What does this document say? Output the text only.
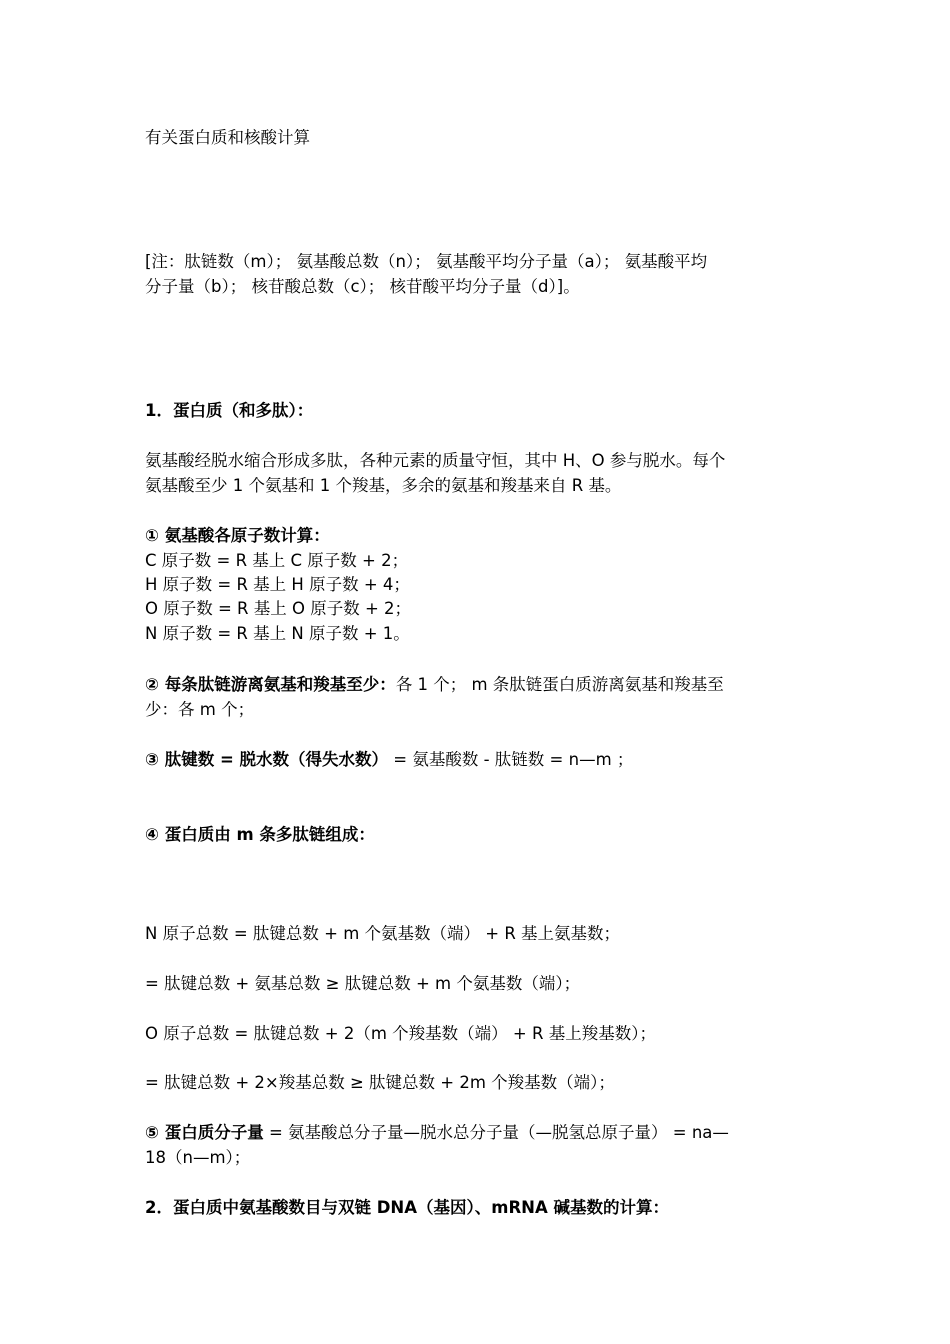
有关蛋白质和核酸计算
[注：肽链数（m）； 氨基酸总数（n）； 氨基酸平均分子量（a）； 氨基酸平均
分子量（b）； 核苷酸总数（c）； 核苷酸平均分子量（d）]。
1．蛋白质（和多肽）：
氨基酸经脱水缩合形成多肽，各种元素的质量守恒，其中 H、O 参与脱水。每个
氨基酸至少 1 个氨基和 1 个羧基，多余的氨基和羧基来自 R 基。
① 氨基酸各原子数计算：
C 原子数 = R 基上 C 原子数 + 2；
H 原子数 = R 基上 H 原子数 + 4；
O 原子数 = R 基上 O 原子数 + 2；
N 原子数 = R 基上 N 原子数 + 1。
② 每条肽链游离氨基和羧基至少：各 1 个； m 条肽链蛋白质游离氨基和羧基至
少：各 m 个；
③ 肽键数 = 脱水数（得失水数） = 氨基酸数 - 肽链数 = n—m ；
④ 蛋白质由 m 条多肽链组成：
N 原子总数 = 肽键总数 + m 个氨基数（端） + R 基上氨基数；
= 肽键总数 + 氨基总数 ≥ 肽键总数 + m 个氨基数（端）；
O 原子总数 = 肽键总数 + 2（m 个羧基数（端） + R 基上羧基数）；
= 肽键总数 + 2×羧基总数 ≥ 肽键总数 + 2m 个羧基数（端）；
⑤ 蛋白质分子量 = 氨基酸总分子量—脱水总分子量（—脱氢总原子量） = na—
18（n—m）；
2．蛋白质中氨基酸数目与双链 DNA（基因）、mRNA 碱基数的计算：
